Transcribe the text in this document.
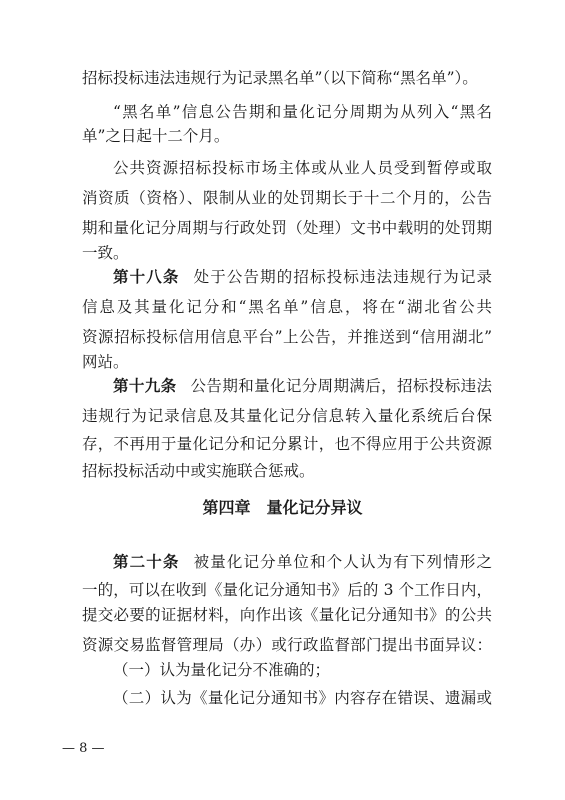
招标投标违法违规行为记录黑名单”（以下简称“黑名单”）。
“黑名单”信息公告期和量化记分周期为从列入“黑名
单”之日起十二个月。
公共资源招标投标市场主体或从业人员受到暂停或取
消资质（资格）、限制从业的处罚期长于十二个月的，公告
期和量化记分周期与行政处罚（处理）文书中载明的处罚期
一致。
第十八条 处于公告期的招标投标违法违规行为记录
信息及其量化记分和“黑名单”信息，将在“湖北省公共
资源招标投标信用信息平台”上公告，并推送到“信用湖北”
网站。
第十九条 公告期和量化记分周期满后，招标投标违法
违规行为记录信息及其量化记分信息转入量化系统后台保
存，不再用于量化记分和记分累计，也不得应用于公共资源
招标投标活动中或实施联合惩戒。
第四章　量化记分异议
第二十条 被量化记分单位和个人认为有下列情形之
一的，可以在收到《量化记分通知书》后的 3 个工作日内，
提交必要的证据材料，向作出该《量化记分通知书》的公共
资源交易监督管理局（办）或行政监督部门提出书面异议：
（一）认为量化记分不准确的；
（二）认为《量化记分通知书》内容存在错误、遗漏或
— 8 —
